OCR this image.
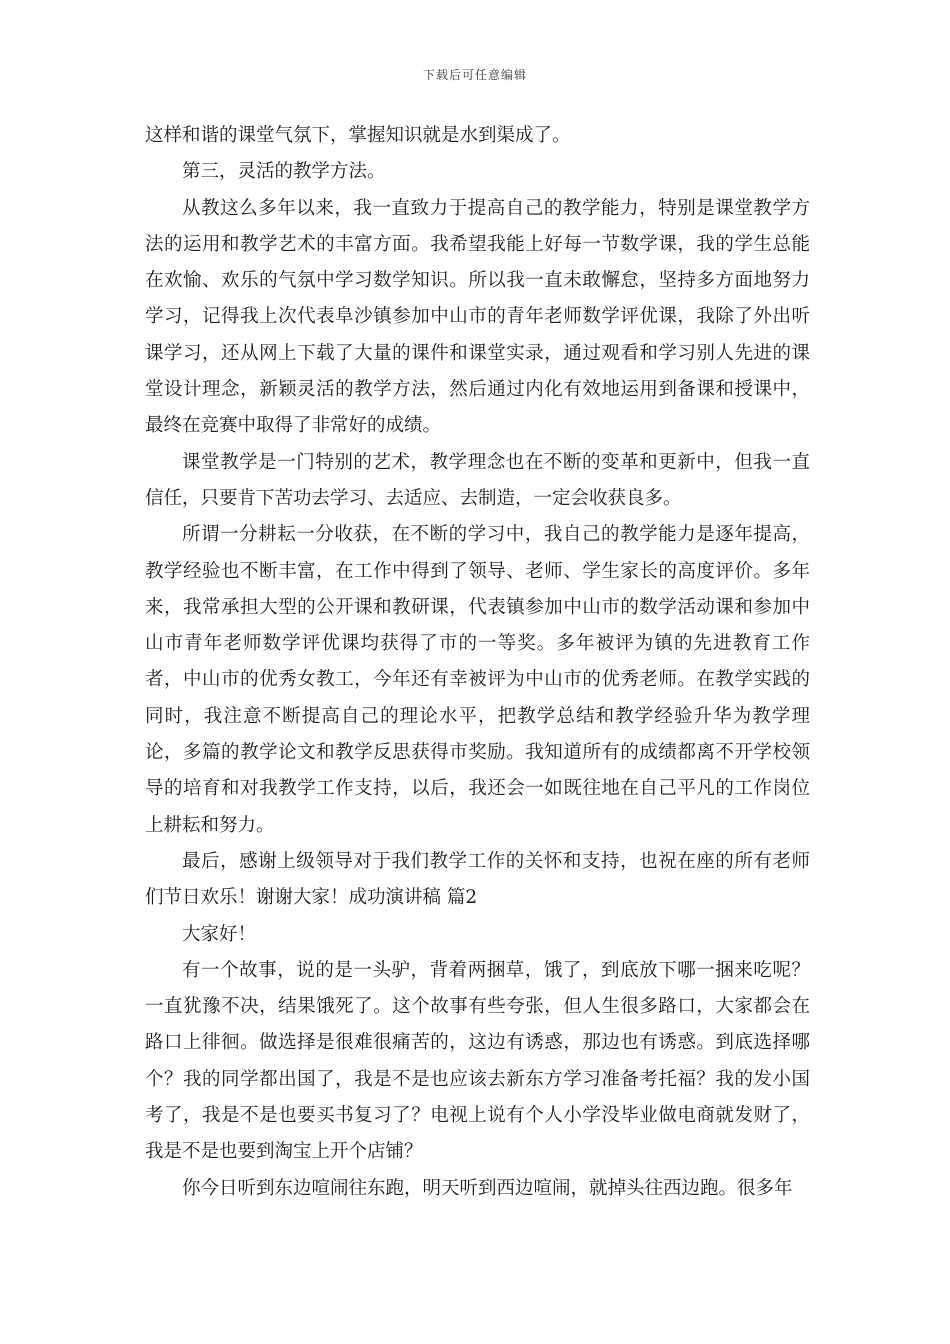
下载后可任意编辑

这样和谐的课堂气氛下，掌握知识就是水到渠成了。

第三，灵活的教学方法。

从教这么多年以来，我一直致力于提高自己的教学能力，特别是课堂教学方法的运用和教学艺术的丰富方面。我希望我能上好每一节数学课，我的学生总能在欢愉、欢乐的气氛中学习数学知识。所以我一直未敢懈怠，坚持多方面地努力学习，记得我上次代表阜沙镇参加中山市的青年老师数学评优课，我除了外出听课学习，还从网上下载了大量的课件和课堂实录，通过观看和学习别人先进的课堂设计理念，新颖灵活的教学方法，然后通过内化有效地运用到备课和授课中，最终在竞赛中取得了非常好的成绩。

课堂教学是一门特别的艺术，教学理念也在不断的变革和更新中，但我一直信任，只要肯下苦功去学习、去适应、去制造，一定会收获良多。

所谓一分耕耘一分收获，在不断的学习中，我自己的教学能力是逐年提高，教学经验也不断丰富，在工作中得到了领导、老师、学生家长的高度评价。多年来，我常承担大型的公开课和教研课，代表镇参加中山市的数学活动课和参加中山市青年老师数学评优课均获得了市的一等奖。多年被评为镇的先进教育工作者，中山市的优秀女教工，今年还有幸被评为中山市的优秀老师。在教学实践的同时，我注意不断提高自己的理论水平，把教学总结和教学经验升华为教学理论，多篇的教学论文和教学反思获得市奖励。我知道所有的成绩都离不开学校领导的培育和对我教学工作支持，以后，我还会一如既往地在自己平凡的工作岗位上耕耘和努力。

最后，感谢上级领导对于我们教学工作的关怀和支持，也祝在座的所有老师们节日欢乐！谢谢大家！成功演讲稿 篇2

大家好！

有一个故事，说的是一头驴，背着两捆草，饿了，到底放下哪一捆来吃呢？一直犹豫不决，结果饿死了。这个故事有些夸张，但人生很多路口，大家都会在路口上徘徊。做选择是很难很痛苦的，这边有诱惑，那边也有诱惑。到底选择哪个？我的同学都出国了，我是不是也应该去新东方学习准备考托福？我的发小国考了，我是不是也要买书复习了？电视上说有个人小学没毕业做电商就发财了，我是不是也要到淘宝上开个店铺？

你今日听到东边喧闹往东跑，明天听到西边喧闹，就掉头往西边跑。很多年
